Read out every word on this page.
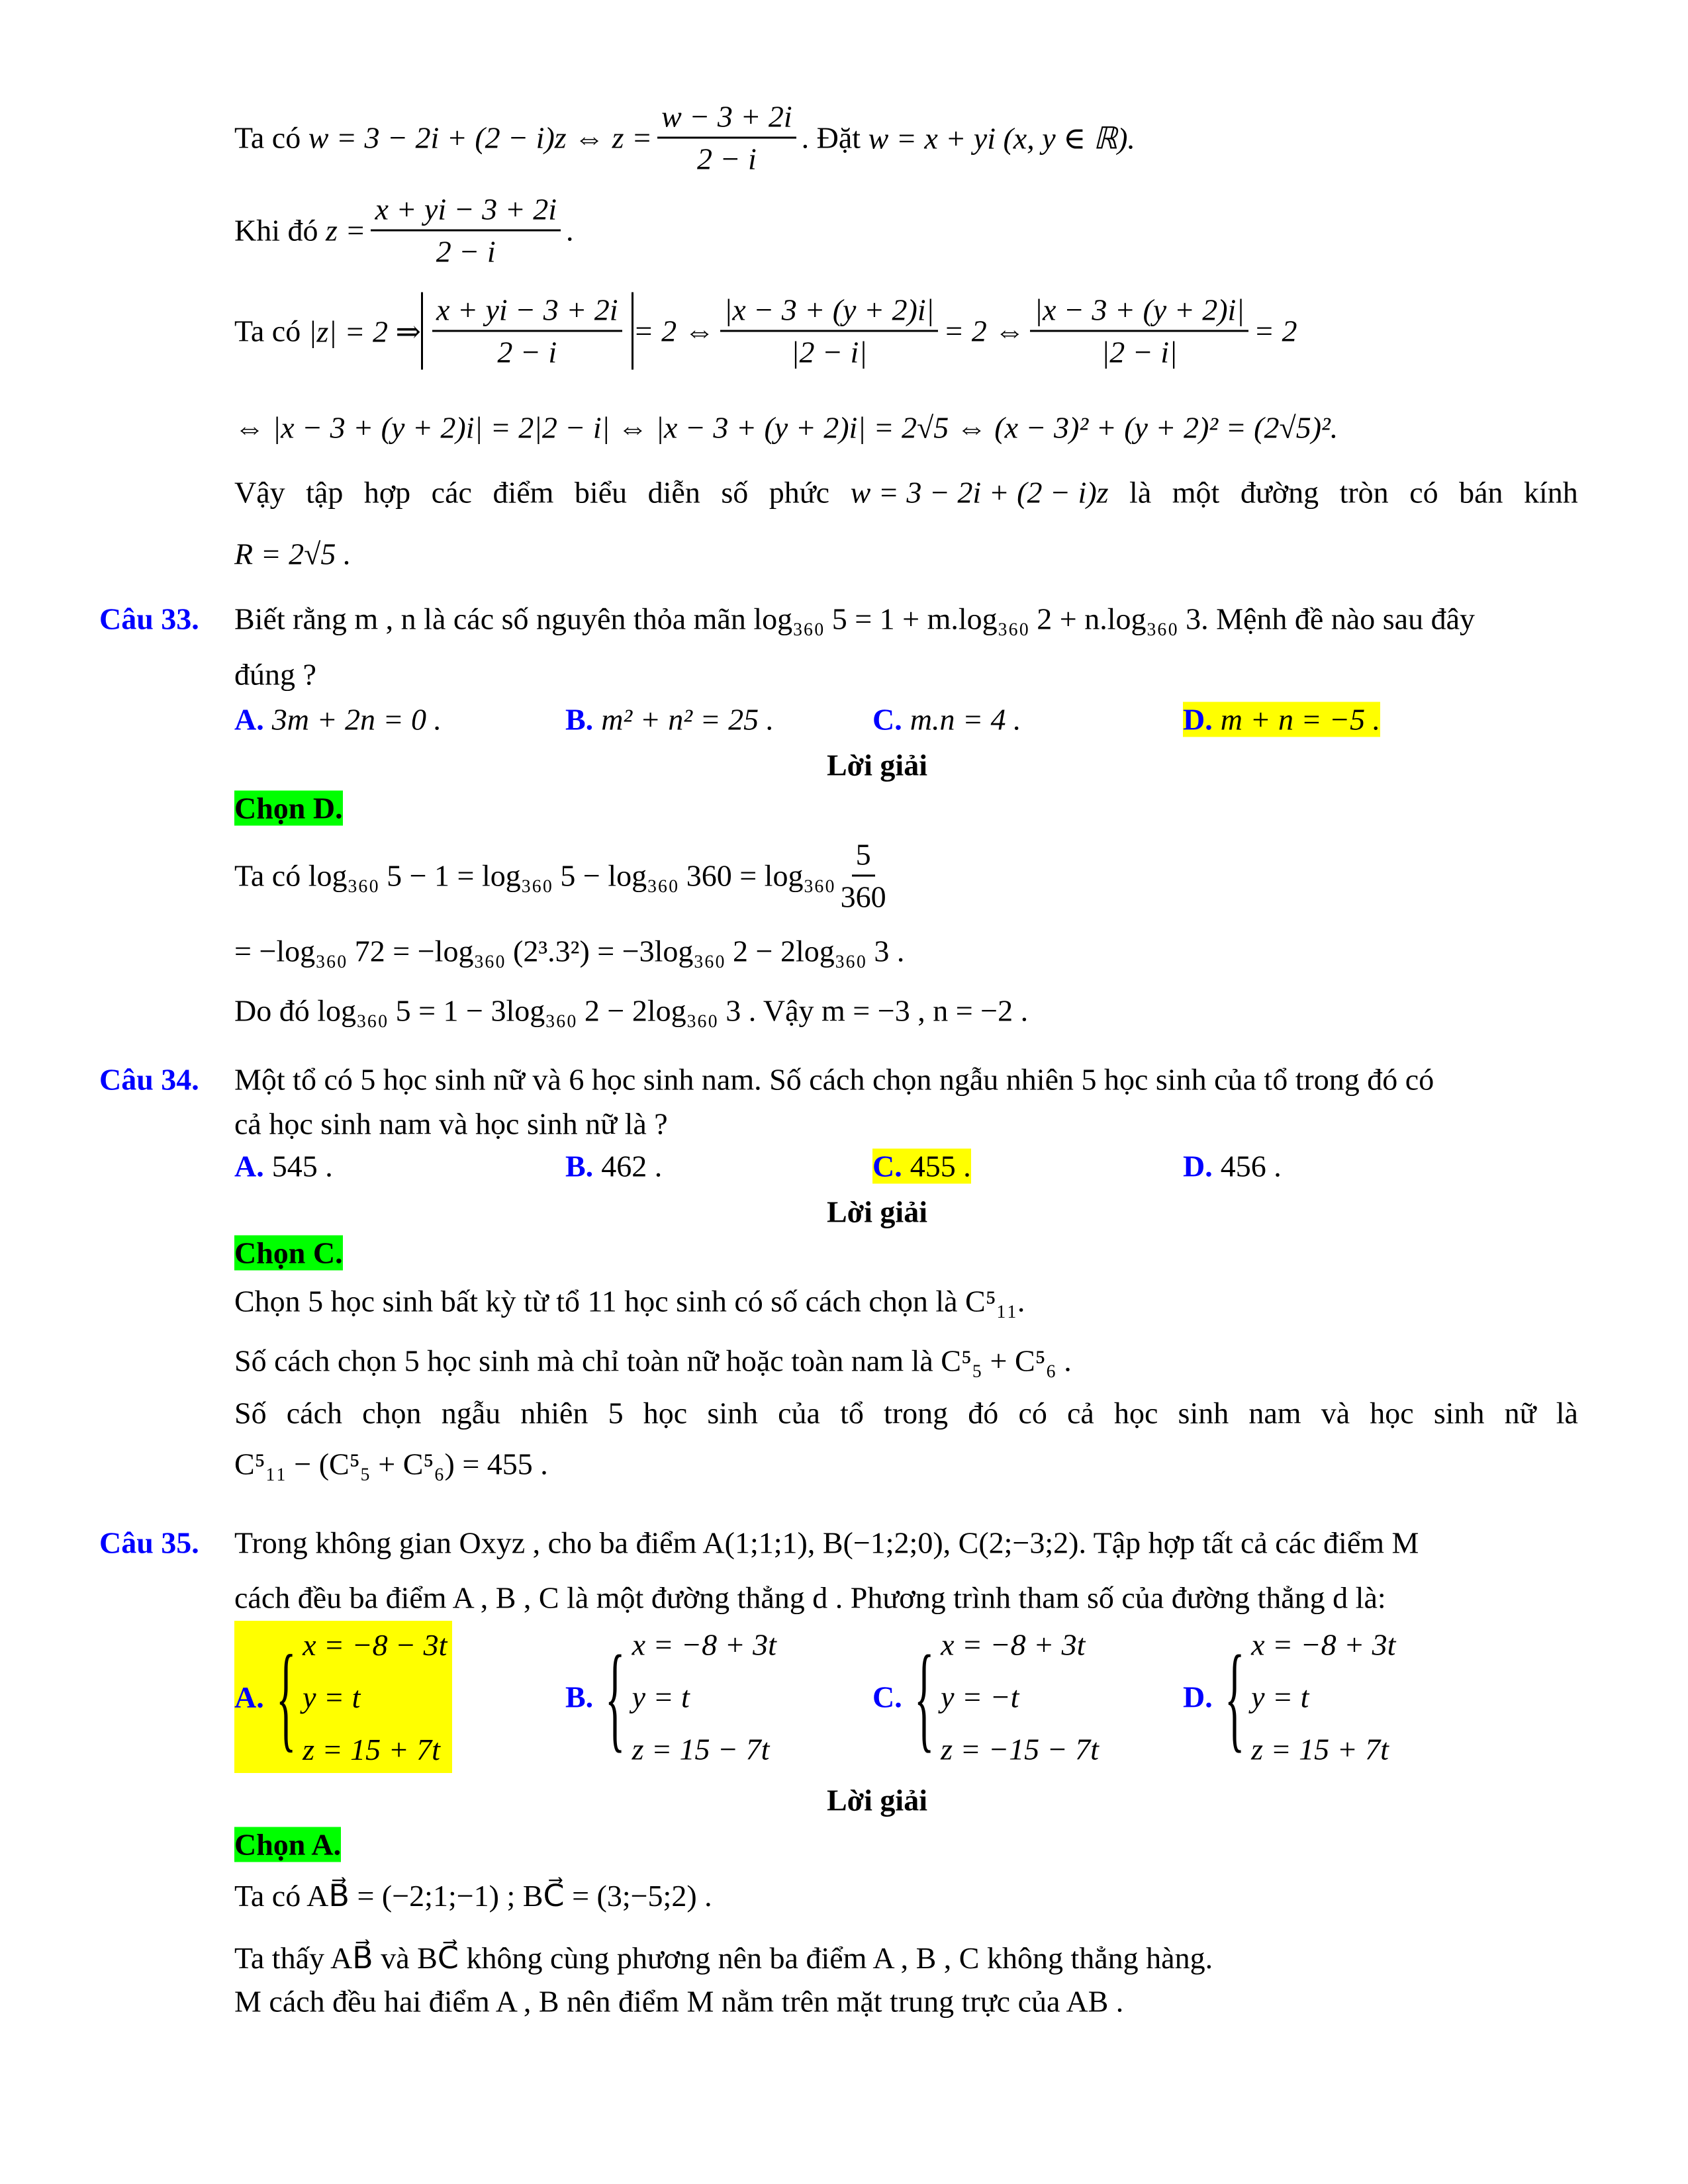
Ta có
w = 3 − 2i + (2 − i)z ⇔ $z = \frac{w - 3 + 2i}{2 - i}$ . Đặt
w = x + yi (x, y ∈ ℝ).
Khi đó
$z = \frac{x + yi - 3 + 2i}{2 - i}$ .
Ta có
|z| = 2 ⇒ $\frac{x + yi - 3 + 2i}{2 - i} = 2$ ⇔ $\frac{|x - 3 + (y + 2)i|}{|2 - i|} = 2$ ⇔ $\frac{|x - 3 + (y + 2)i|}{|2 - i|} = 2$
⇔ |x − 3 + (y + 2)i| = 2|2 − i| ⇔ |x − 3 + (y + 2)i| = 2√5 ⇔ (x − 3)² + (y + 2)² = (2√5)².
Vậy tập hợp các điểm biểu diễn số phức w = 3 − 2i + (2 − i)z là một đường tròn có bán kính
R = 2√5 .
Câu 33. Biết rằng m , n là các số nguyên thỏa mãn log₃₆₀ 5 = 1 + m.log₃₆₀ 2 + n.log₃₆₀ 3. Mệnh đề nào sau đây
đúng ?
A. 3m + 2n = 0 .	B. m² + n² = 25 .	C. m.n = 4 .	D. m + n = −5 .
Lời giải
Chọn D.
Ta có log₃₆₀ 5 − 1 = log₃₆₀ 5 − log₃₆₀ $360 = \log_{360} \frac{5}{360}$
= −log₃₆₀ 72 = −log₃₆₀ (2³.3²) = −3log₃₆₀ 2 − 2log₃₆₀ 3 .
Do đó log₃₆₀ 5 = 1 − 3log₃₆₀ 2 − 2log₃₆₀ 3 . Vậy m = −3 , n = −2 .
Câu 34. Một tổ có 5 học sinh nữ và 6 học sinh nam. Số cách chọn ngẫu nhiên 5 học sinh của tổ trong đó có
cả học sinh nam và học sinh nữ là ?
A. 545 .	B. 462 .	C. 455 .	D. 456 .
Lời giải
Chọn C.
Chọn 5 học sinh bất kỳ từ tổ 11 học sinh có số cách chọn là C⁵₁₁.
Số cách chọn 5 học sinh mà chỉ toàn nữ hoặc toàn nam là C⁵₅ + C⁵₆ .
Số cách chọn ngẫu nhiên 5 học sinh của tổ trong đó có cả học sinh nam và học sinh nữ là
C⁵₁₁ − (C⁵₅ + C⁵₆) = 455 .
Câu 35. Trong không gian Oxyz , cho ba điểm A(1;1;1), B(−1;2;0), C(2;−3;2). Tập hợp tất cả các điểm M
cách đều ba điểm A , B , C là một đường thẳng d . Phương trình tham số của đường thẳng d là:
A. { x = −8 − 3t
y = t
z = 15 + 7t
B. { x = −8 + 3t
y = t
z = 15 − 7t
C. { x = −8 + 3t
y = −t
z = −15 − 7t
D. { x = −8 + 3t
y = t
z = 15 + 7t
Lời giải
Chọn A.
Ta có AB⃗ = (−2;1;−1) ; BC⃗ = (3;−5;2) .
Ta thấy AB⃗ và BC⃗ không cùng phương nên ba điểm A , B , C không thẳng hàng.
M cách đều hai điểm A , B nên điểm M nằm trên mặt trung trực của AB .
